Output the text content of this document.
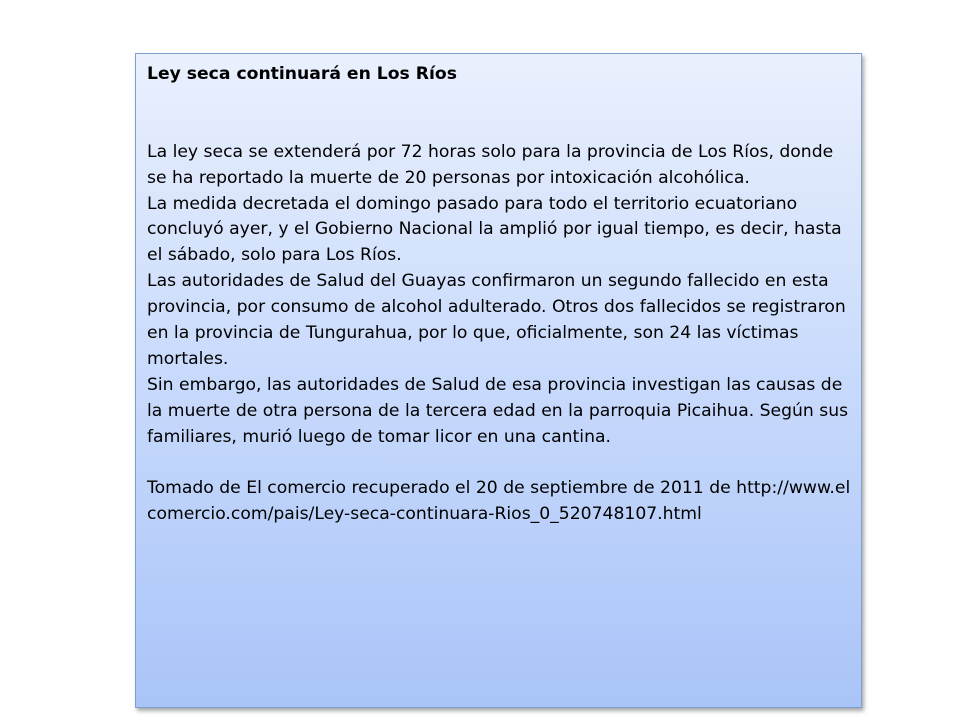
Ley seca continuará en Los Ríos

La ley seca se extenderá por 72 horas solo para la provincia de Los Ríos, donde se ha reportado la muerte de 20 personas por intoxicación alcohólica.

La medida decretada el domingo pasado para todo el territorio ecuatoriano concluyó ayer, y el Gobierno Nacional la amplió por igual tiempo, es decir, hasta el sábado, solo para Los Ríos.

Las autoridades de Salud del Guayas confirmaron un segundo fallecido en esta provincia, por consumo de alcohol adulterado. Otros dos fallecidos se registraron en la provincia de Tungurahua, por lo que, oficialmente, son 24 las víctimas mortales.

Sin embargo, las autoridades de Salud de esa provincia investigan las causas de la muerte de otra persona de la tercera edad en la parroquia Picaihua. Según sus familiares, murió luego de tomar licor en una cantina.

Tomado de El comercio recuperado el 20 de septiembre de 2011 de http://www.elcomercio.com/pais/Ley-seca-continuara-Rios_0_520748107.html
